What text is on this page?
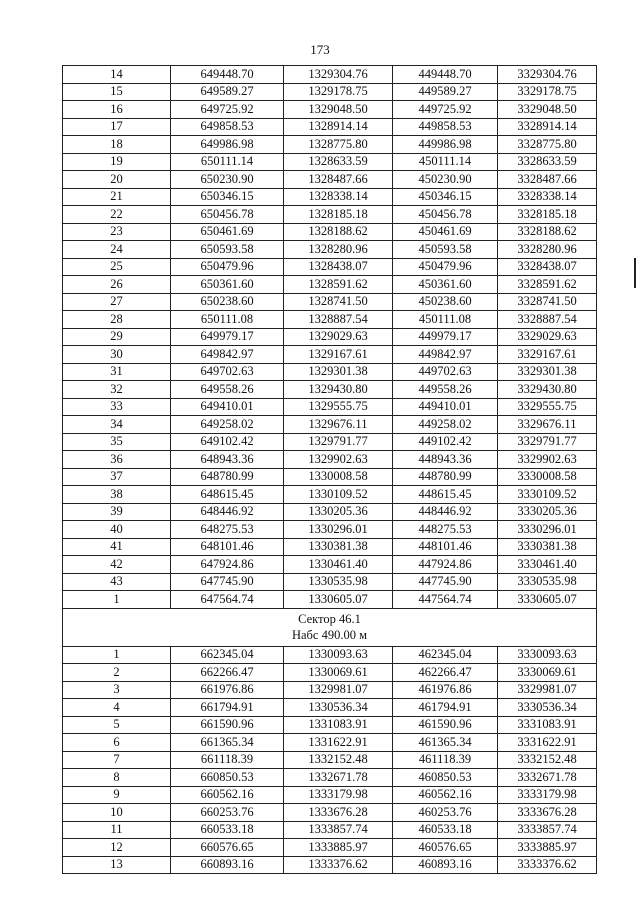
173
14	649448.70	1329304.76	449448.70	3329304.76
15	649589.27	1329178.75	449589.27	3329178.75
16	649725.92	1329048.50	449725.92	3329048.50
17	649858.53	1328914.14	449858.53	3328914.14
18	649986.98	1328775.80	449986.98	3328775.80
19	650111.14	1328633.59	450111.14	3328633.59
20	650230.90	1328487.66	450230.90	3328487.66
21	650346.15	1328338.14	450346.15	3328338.14
22	650456.78	1328185.18	450456.78	3328185.18
23	650461.69	1328188.62	450461.69	3328188.62
24	650593.58	1328280.96	450593.58	3328280.96
25	650479.96	1328438.07	450479.96	3328438.07
26	650361.60	1328591.62	450361.60	3328591.62
27	650238.60	1328741.50	450238.60	3328741.50
28	650111.08	1328887.54	450111.08	3328887.54
29	649979.17	1329029.63	449979.17	3329029.63
30	649842.97	1329167.61	449842.97	3329167.61
31	649702.63	1329301.38	449702.63	3329301.38
32	649558.26	1329430.80	449558.26	3329430.80
33	649410.01	1329555.75	449410.01	3329555.75
34	649258.02	1329676.11	449258.02	3329676.11
35	649102.42	1329791.77	449102.42	3329791.77
36	648943.36	1329902.63	448943.36	3329902.63
37	648780.99	1330008.58	448780.99	3330008.58
38	648615.45	1330109.52	448615.45	3330109.52
39	648446.92	1330205.36	448446.92	3330205.36
40	648275.53	1330296.01	448275.53	3330296.01
41	648101.46	1330381.38	448101.46	3330381.38
42	647924.86	1330461.40	447924.86	3330461.40
43	647745.90	1330535.98	447745.90	3330535.98
1	647564.74	1330605.07	447564.74	3330605.07

Сектор 46.1
Набс 490.00 м				

1	662345.04	1330093.63	462345.04	3330093.63
2	662266.47	1330069.61	462266.47	3330069.61
3	661976.86	1329981.07	461976.86	3329981.07
4	661794.91	1330536.34	461794.91	3330536.34
5	661590.96	1331083.91	461590.96	3331083.91
6	661365.34	1331622.91	461365.34	3331622.91
7	661118.39	1332152.48	461118.39	3332152.48
8	660850.53	1332671.78	460850.53	3332671.78
9	660562.16	1333179.98	460562.16	3333179.98
10	660253.76	1333676.28	460253.76	3333676.28
11	660533.18	1333857.74	460533.18	3333857.74
12	660576.65	1333885.97	460576.65	3333885.97
13	660893.16	1333376.62	460893.16	3333376.62
